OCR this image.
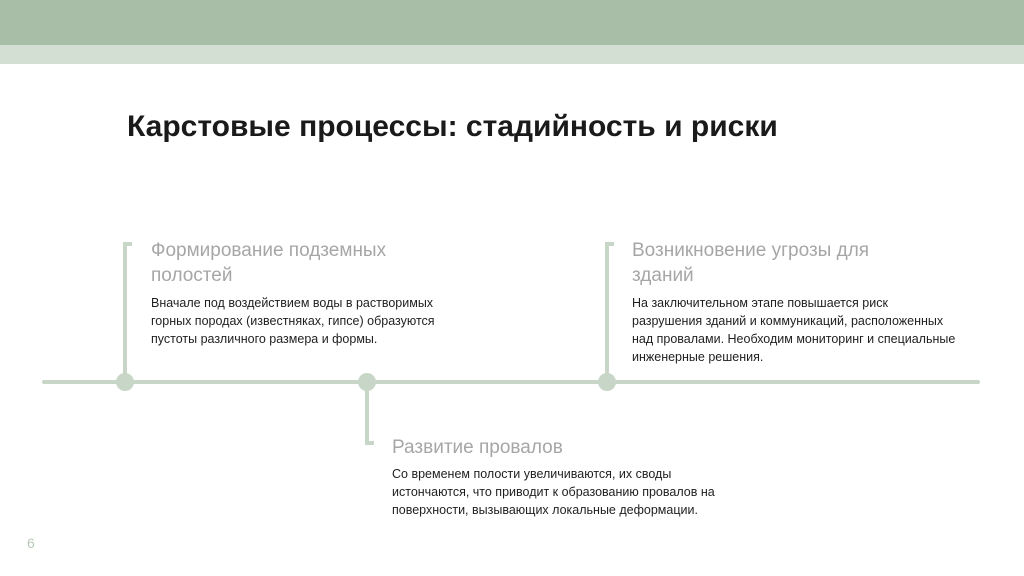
Карстовые процессы: стадийность и риски
Формирование подземных
полостей
Вначале под воздействием воды в растворимых
горных породах (известняках, гипсе) образуются
пустоты различного размера и формы.
Развитие провалов
Со временем полости увеличиваются, их своды
истончаются, что приводит к образованию провалов на
поверхности, вызывающих локальные деформации.
Возникновение угрозы для
зданий
На заключительном этапе повышается риск
разрушения зданий и коммуникаций, расположенных
над провалами. Необходим мониторинг и специальные
инженерные решения.
6
